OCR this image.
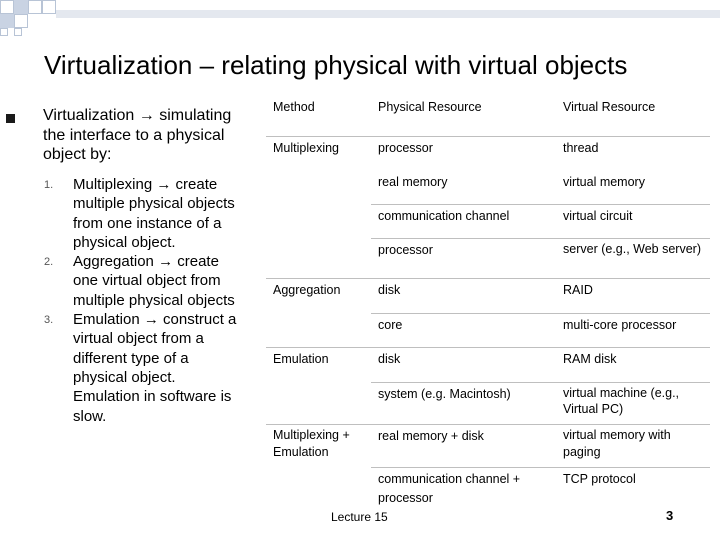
Virtualization – relating physical with virtual objects
Virtualization → simulating the interface to a physical object by:
1. Multiplexing → create multiple physical objects from one instance of a physical object.
2. Aggregation → create one virtual object from multiple physical objects
3. Emulation → construct a virtual object from a different type of a physical object. Emulation in software is slow.
Method	Physical Resource	Virtual Resource
Multiplexing	processor	thread
	real memory	virtual memory
	communication channel	virtual circuit
	processor	server (e.g., Web server)
Aggregation	disk	RAID
	core	multi-core processor
Emulation	disk	RAM disk
	system (e.g. Macintosh)	virtual machine (e.g., Virtual PC)
Multiplexing + Emulation	real memory + disk	virtual memory with paging
	communication channel + processor	TCP protocol
Lecture 15	3
